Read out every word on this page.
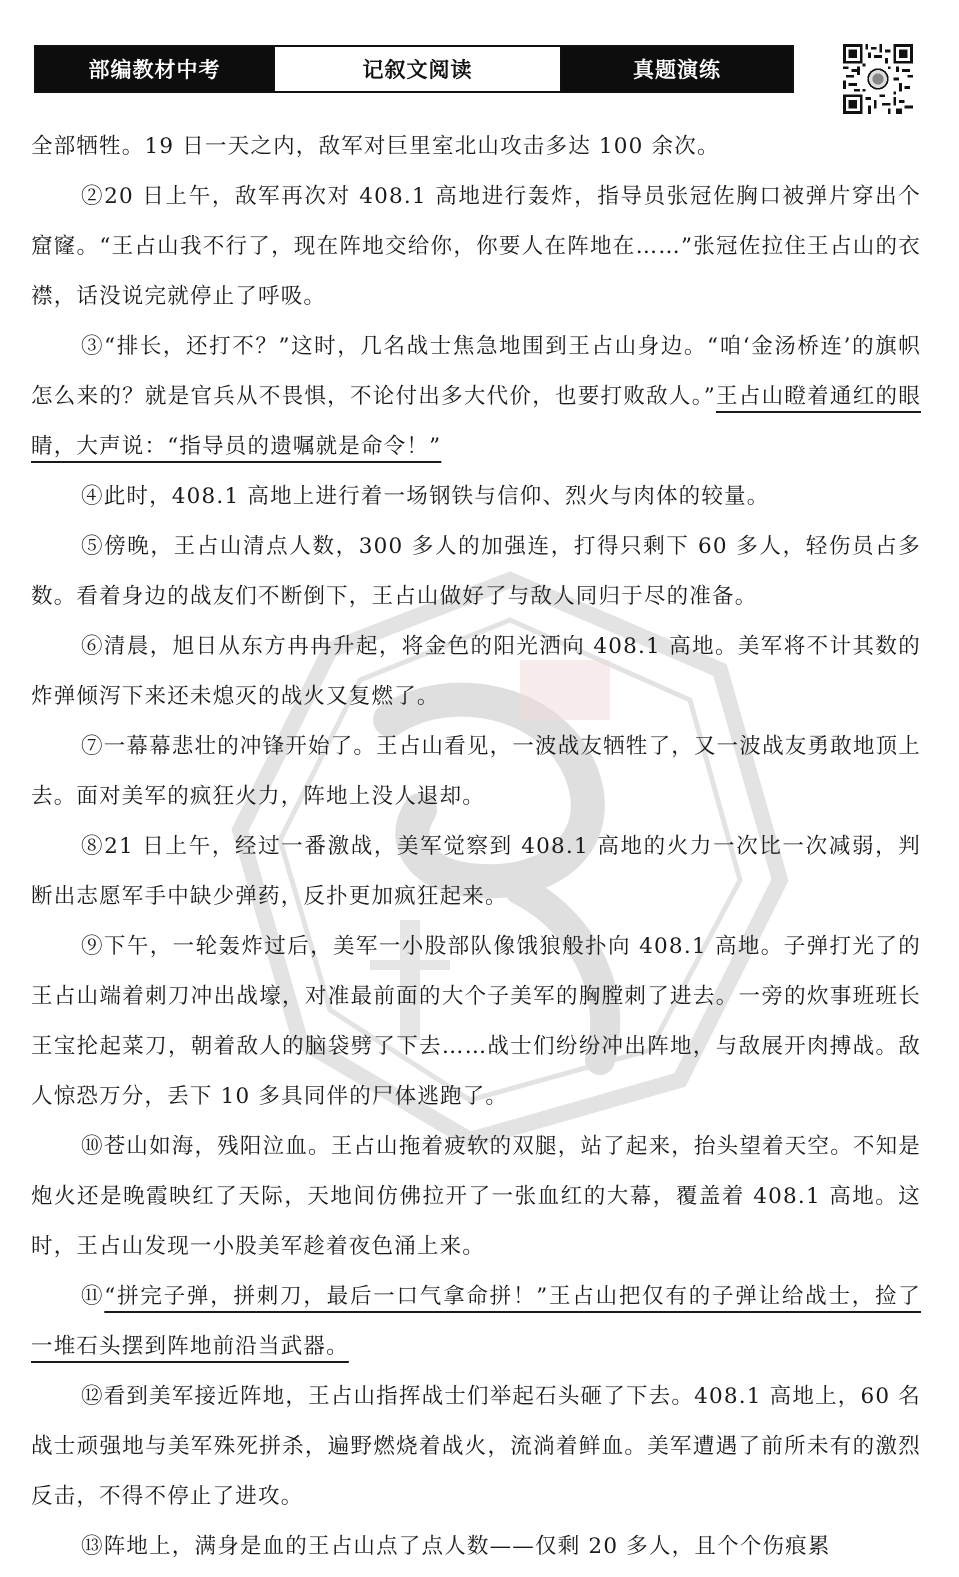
部编教材中考	记叙文阅读	真题演练

全部牺牲。19 日一天之内，敌军对巨里室北山攻击多达 100 余次。

②20 日上午，敌军再次对 408.1 高地进行轰炸，指导员张冠佐胸口被弹片穿出个窟窿。“王占山我不行了，现在阵地交给你，你要人在阵地在……”张冠佐拉住王占山的衣襟，话没说完就停止了呼吸。

③“排长，还打不？”这时，几名战士焦急地围到王占山身边。“咱‘金汤桥连’的旗帜怎么来的？就是官兵从不畏惧，不论付出多大代价，也要打败敌人。”王占山瞪着通红的眼睛，大声说：“指导员的遗嘱就是命令！”

④此时，408.1 高地上进行着一场钢铁与信仰、烈火与肉体的较量。

⑤傍晚，王占山清点人数，300 多人的加强连，打得只剩下 60 多人，轻伤员占多数。看着身边的战友们不断倒下，王占山做好了与敌人同归于尽的准备。

⑥清晨，旭日从东方冉冉升起，将金色的阳光洒向 408.1 高地。美军将不计其数的炸弹倾泻下来还未熄灭的战火又复燃了。

⑦一幕幕悲壮的冲锋开始了。王占山看见，一波战友牺牲了，又一波战友勇敢地顶上去。面对美军的疯狂火力，阵地上没人退却。

⑧21 日上午，经过一番激战，美军觉察到 408.1 高地的火力一次比一次减弱，判断出志愿军手中缺少弹药，反扑更加疯狂起来。

⑨下午，一轮轰炸过后，美军一小股部队像饿狼般扑向 408.1 高地。子弹打光了的王占山端着刺刀冲出战壕，对准最前面的大个子美军的胸膛刺了进去。一旁的炊事班班长王宝抡起菜刀，朝着敌人的脑袋劈了下去……战士们纷纷冲出阵地，与敌展开肉搏战。敌人惊恐万分，丢下 10 多具同伴的尸体逃跑了。

⑩苍山如海，残阳泣血。王占山拖着疲软的双腿，站了起来，抬头望着天空。不知是炮火还是晚霞映红了天际，天地间仿佛拉开了一张血红的大幕，覆盖着 408.1 高地。这时，王占山发现一小股美军趁着夜色涌上来。

⑪“拼完子弹，拼刺刀，最后一口气拿命拼！”王占山把仅有的子弹让给战士，捡了一堆石头摆到阵地前沿当武器。

⑫看到美军接近阵地，王占山指挥战士们举起石头砸了下去。408.1 高地上，60 名战士顽强地与美军殊死拼杀，遍野燃烧着战火，流淌着鲜血。美军遭遇了前所未有的激烈反击，不得不停止了进攻。

⑬阵地上，满身是血的王占山点了点人数——仅剩 20 多人，且个个伤痕累
